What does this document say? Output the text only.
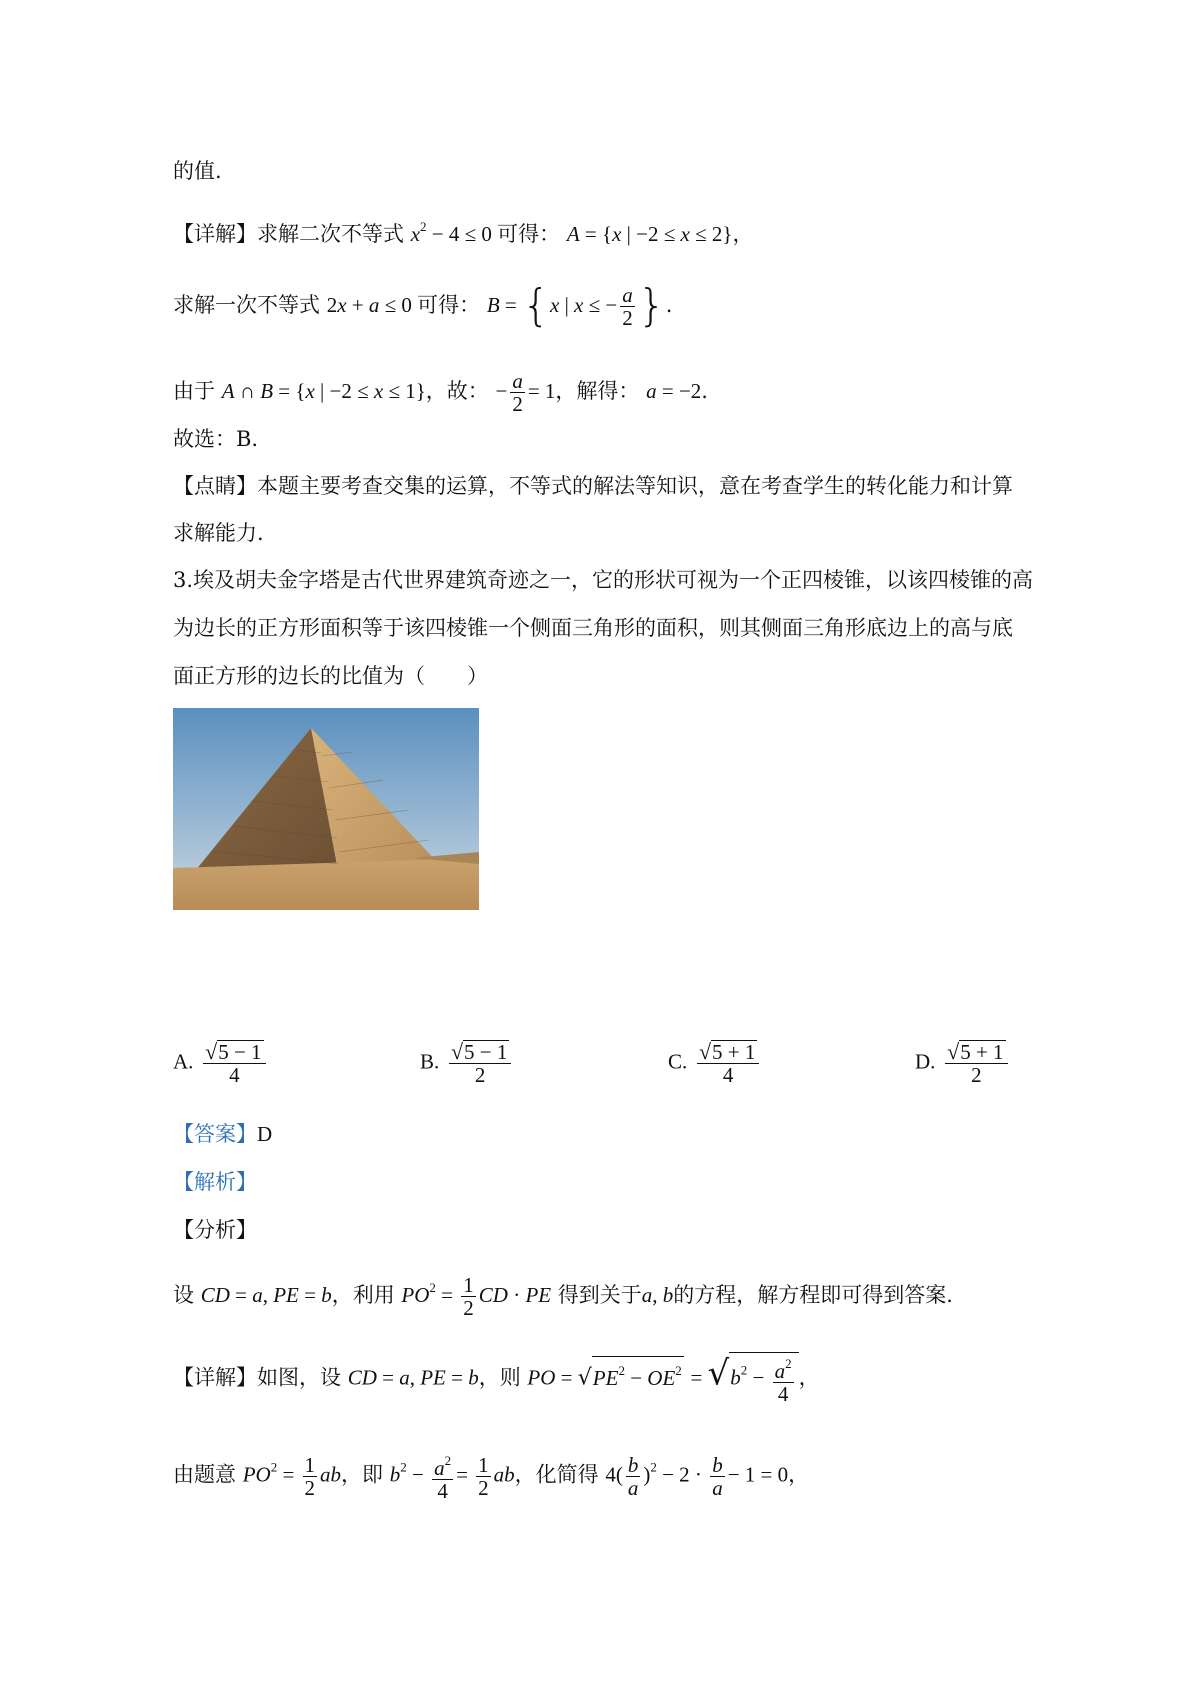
的值.
【详解】求解二次不等式 $x^2 - 4 \le 0$ 可得： A = {x | −2 ≤ x ≤ 2}，
求解一次不等式 2x + a ≤ 0 可得： B = {x | x ≤ − $\frac{a}{2}$ }.
由于 A ∩ B = {x | −2 ≤ x ≤ 1}，故： − $\frac{a}{2} = 1$，解得： a = −2.
故选：B.
【点睛】本题主要考查交集的运算，不等式的解法等知识，意在考查学生的转化能力和计算
求解能力.
3.埃及胡夫金字塔是古代世界建筑奇迹之一，它的形状可视为一个正四棱锥，以该四棱锥的高
为边长的正方形面积等于该四棱锥一个侧面三角形的面积，则其侧面三角形底边上的高与底
面正方形的边长的比值为（　　）
A. $\frac{√5 - 1}{4}$	B. $\frac{√5 - 1}{2}$	C. $\frac{√5 + 1}{4}$	D. $\frac{√5 + 1}{2}$
【答案】D
【解析】
【分析】
设 CD = a, PE = b，利用 $PO^2 = \frac{1}{2}$ CD · PE 得到关于a, b的方程，解方程即可得到答案.
【详解】如图，设 CD = a, PE = b，则 PO = $√PE^2 - OE^2 = √b^2 - \frac{a^2}{4}$ ，
由题意 $PO^2 = \frac{1}{2}$ ab，即 $b^2 - \frac{a^2}{4} = \frac{1}{2}$ ab，化简得 $4( \frac{b}{a} )^2 - 2 \cdot \frac{b}{a} - 1 = 0$，
